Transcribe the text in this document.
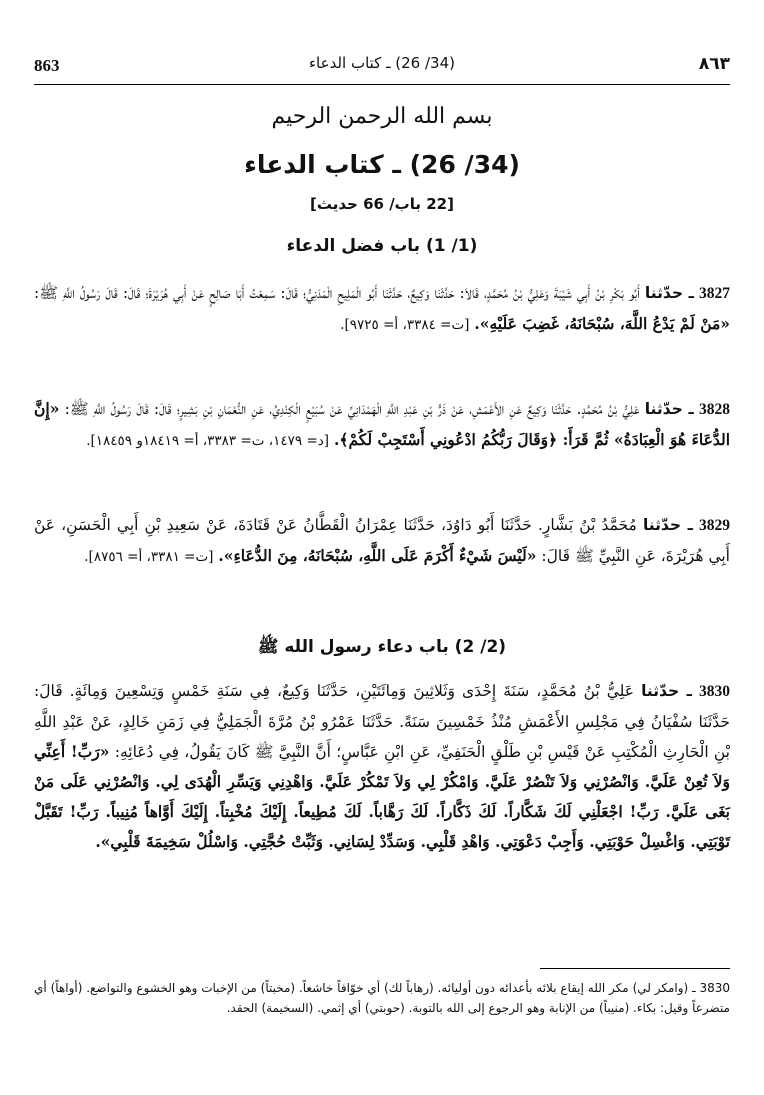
863	(34/ 26) ـ كتاب الدعاء	٨٦٣
بسم الله الرحمن الرحيم
(34/ 26) ـ كتاب الدعاء
[22 باب/ 66 حديث]
(1/ 1) باب فضل الدعاء
3827 ـ حدّثنا أَبُو بَكْرِ بْنُ أَبِي شَيْبَةَ وَعَلِيُّ بْنُ مُحَمَّدٍ، قَالاَ: حَدَّثَنَا وَكِيعٌ، حَدَّثَنَا أَبُو الْمَلِيحِ الْمَدَنِيُّ؛ قَالَ: سَمِعْتُ أَبَا صَالِحٍ عَنْ أَبِي هُرَيْرَةَ؛ قَالَ: قَالَ رَسُولُ اللَّهِ ﷺ: «مَنْ لَمْ يَدْعُ اللَّهَ، سُبْحَانَهُ، غَضِبَ عَلَيْهِ». [ت= ٣٣٨٤، أ= ٩٧٢٥].
3828 ـ حدّثنا عَلِيُّ بْنُ مُحَمَّدٍ. حَدَّثَنَا وَكِيعٌ عَنِ الأَعْمَشِ، عَنْ ذَرٍّ بْنِ عَبْدِ اللَّهِ الْهَمْدَانِيِّ عَنْ سُبَيْعٍ الْكِنْدِيِّ، عَنِ النُّعْمَانِ بْنِ بَشِيرٍ؛ قَالَ: قَالَ رَسُولُ اللَّهِ ﷺ: «إِنَّ الدُّعَاءَ هُوَ الْعِبَادَةُ» ثُمَّ قَرَأَ: ﴿وَقَالَ رَبُّكُمُ ادْعُونِي أَسْتَجِبْ لَكُمْ﴾. [د= ١٤٧٩، ت= ٣٣٨٣، أ= ١٨٤١٩و ١٨٤٥٩].
3829 ـ حدّثنا مُحَمَّدُ بْنُ بَشَّارٍ. حَدَّثَنَا أَبُو دَاوُدَ، حَدَّثَنَا عِمْرَانُ الْقَطَّانُ عَنْ قَتَادَةَ، عَنْ سَعِيدِ بْنِ أَبِي الْحَسَنِ، عَنْ أَبِي هُرَيْرَةَ، عَنِ النَّبِيِّ ﷺ قَالَ: «لَيْسَ شَيْءٌ أَكْرَمَ عَلَى اللَّهِ، سُبْحَانَهُ، مِنَ الدُّعَاءِ». [ت= ٣٣٨١، أ= ٨٧٥٦].
(2/ 2) باب دعاء رسول الله ﷺ
3830 ـ حدّثنا عَلِيُّ بْنُ مُحَمَّدٍ، سَنَةَ إِحْدَى وَثَلاثِينَ وَمِائَتَيْنِ، حَدَّثَنَا وَكِيعٌ، فِي سَنَةِ خَمْسٍ وَتِسْعِينَ وَمِائَةٍ. قَالَ: حَدَّثَنَا سُفْيَانُ فِي مَجْلِسِ الأَعْمَشِ مُنْذُ خَمْسِينَ سَنَةً. حَدَّثَنَا عَمْرُو بْنُ مُرَّةَ الْجَمَلِيُّ فِي زَمَنِ خَالِدٍ، عَنْ عَبْدِ اللَّهِ بْنِ الْحَارِثِ الْمُكْتِبِ عَنْ قَيْسِ بْنِ طَلْقٍ الْحَنَفِيِّ، عَنِ ابْنِ عَبَّاسٍ؛ أَنَّ النَّبِيَّ ﷺ كَانَ يَقُولُ، فِي دُعَائِهِ: «رَبِّ! أَعِنِّي وَلاَ تُعِنْ عَلَيَّ. وَانْصُرْنِي وَلاَ تَنْصُرْ عَلَيَّ. وَامْكُرْ لِي وَلاَ تَمْكُرْ عَلَيَّ. وَاهْدِنِي وَيَسِّرِ الْهُدَى لِي. وَانْصُرْنِي عَلَى مَنْ بَغَى عَلَيَّ. رَبِّ! اجْعَلْنِي لَكَ شَكَّاراً. لَكَ ذَكَّاراً. لَكَ رَهَّاباً. لَكَ مُطِيعاً. إِلَيْكَ مُخْبِتاً. إِلَيْكَ أَوَّاهاً مُنِيباً. رَبِّ! تَقَبَّلْ تَوْبَتِي. وَاغْسِلْ حَوْبَتِي. وَأَجِبْ دَعْوَتِي. وَاهْدِ قَلْبِي. وَسَدِّدْ لِسَانِي. وَثَبِّتْ حُجَّتِي. وَاسْلُلْ سَخِيمَةَ قَلْبِي».
3830 ـ (وامكر لي) مكر الله إيقاع بلائه بأعدائه دون أوليائه. (رهاباً لك) أي خوّافاً خاشعاً. (مخبتاً) من الإخبات وهو الخشوع والتواضع. (أواهاً) أي متضرعاً وقيل: بكاء. (منيباً) من الإنابة وهو الرجوع إلى الله بالتوبة. (حوبتي) أي إثمي. (السخيمة) الحقد.
